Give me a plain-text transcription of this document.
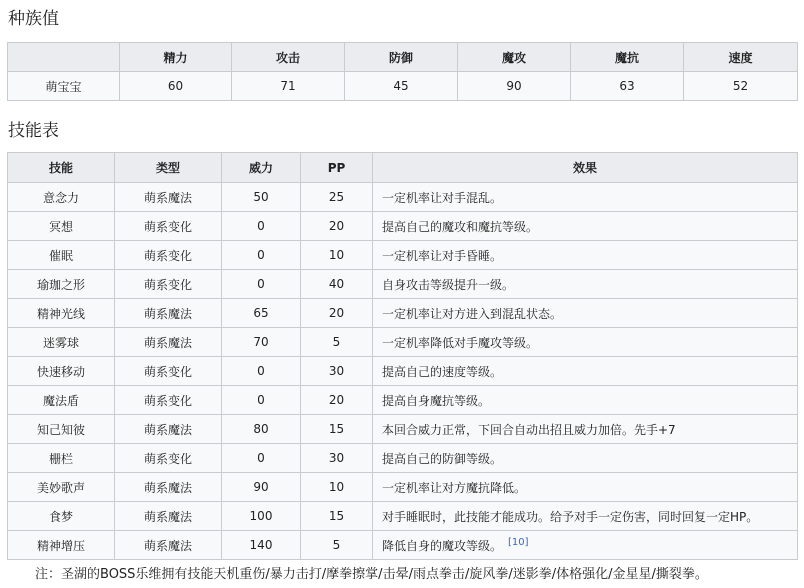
种族值
	精力	攻击	防御	魔攻	魔抗	速度
萌宝宝	60	71	45	90	63	52
技能表
技能	类型	威力	PP	效果
意念力	萌系魔法	50	25	一定机率让对手混乱。
冥想	萌系变化	0	20	提高自己的魔攻和魔抗等级。
催眠	萌系变化	0	10	一定机率让对手昏睡。
瑜珈之形	萌系变化	0	40	自身攻击等级提升一级。
精神光线	萌系魔法	65	20	一定机率让对方进入到混乱状态。
迷雾球	萌系魔法	70	5	一定机率降低对手魔攻等级。
快速移动	萌系变化	0	30	提高自己的速度等级。
魔法盾	萌系变化	0	20	提高自身魔抗等级。
知己知彼	萌系魔法	80	15	本回合威力正常，下回合自动出招且威力加倍。先手+7
栅栏	萌系变化	0	30	提高自己的防御等级。
美妙歌声	萌系魔法	90	10	一定机率让对方魔抗降低。
食梦	萌系魔法	100	15	对手睡眠时，此技能才能成功。给予对手一定伤害，同时回复一定HP。
精神增压	萌系魔法	140	5	降低自身的魔攻等级。 [10]

注：圣湖的BOSS乐维拥有技能天机重伤/暴力击打/摩拳擦掌/击晕/雨点拳击/旋风拳/迷影拳/体格强化/金星星/撕裂拳。
